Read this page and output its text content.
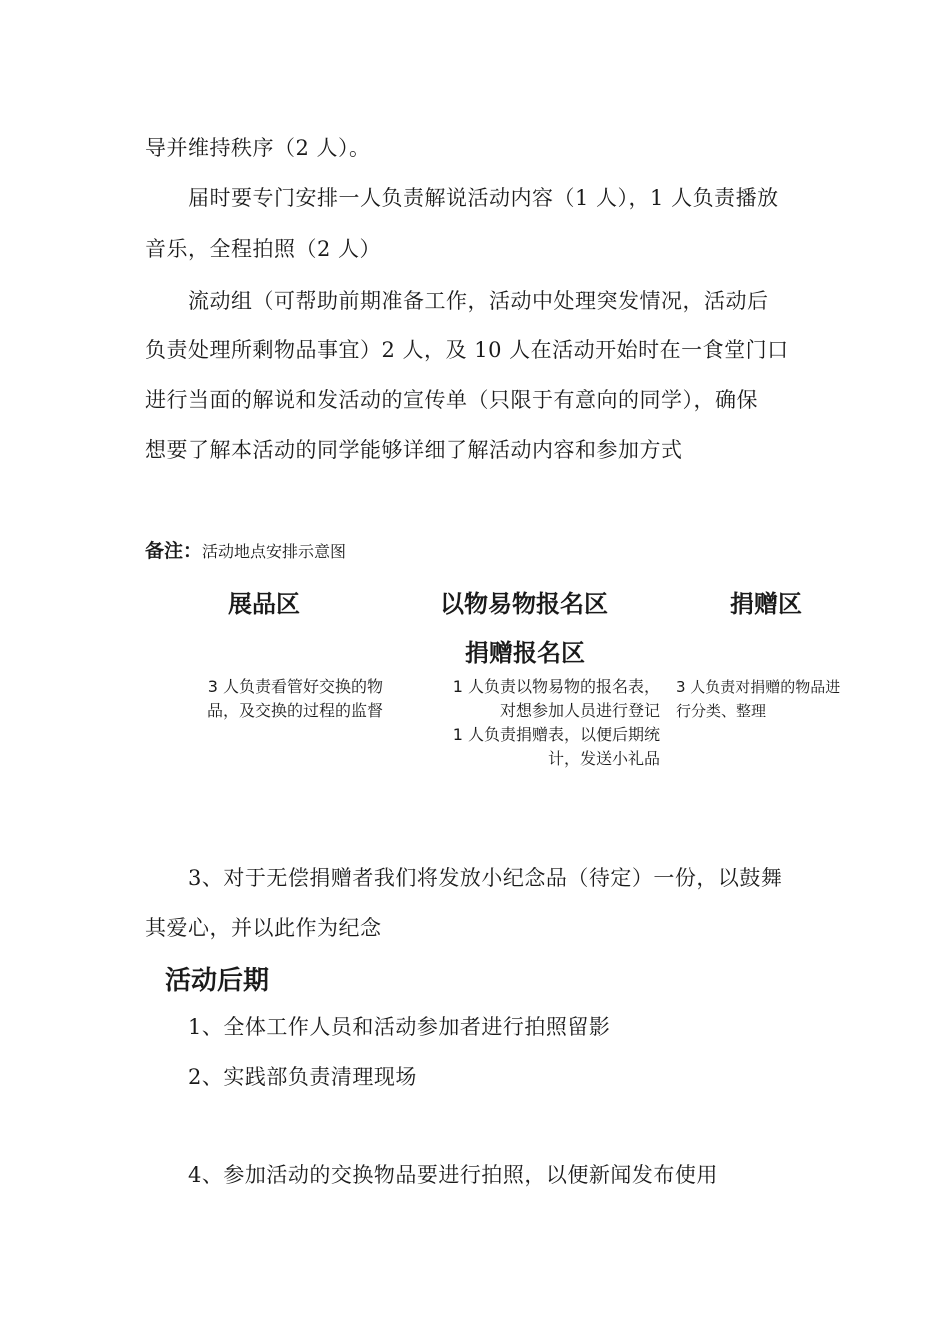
导并维持秩序（2 人）。
届时要专门安排一人负责解说活动内容（1 人），1 人负责播放
音乐，全程拍照（2 人）
流动组（可帮助前期准备工作，活动中处理突发情况，活动后
负责处理所剩物品事宜）2 人，及 10 人在活动开始时在一食堂门口
进行当面的解说和发活动的宣传单（只限于有意向的同学），确保
想要了解本活动的同学能够详细了解活动内容和参加方式
备注：活动地点安排示意图
展品区	以物易物报名区	捐赠区
捐赠报名区
3 人负责看管好交换的物
品，及交换的过程的监督
1 人负责以物易物的报名表，
对想参加人员进行登记
1 人负责捐赠表，以便后期统
计，发送小礼品
3 人负责对捐赠的物品进
行分类、整理
3、对于无偿捐赠者我们将发放小纪念品（待定）一份，以鼓舞
其爱心，并以此作为纪念
活动后期
1、全体工作人员和活动参加者进行拍照留影
2、实践部负责清理现场
4、参加活动的交换物品要进行拍照，以便新闻发布使用
